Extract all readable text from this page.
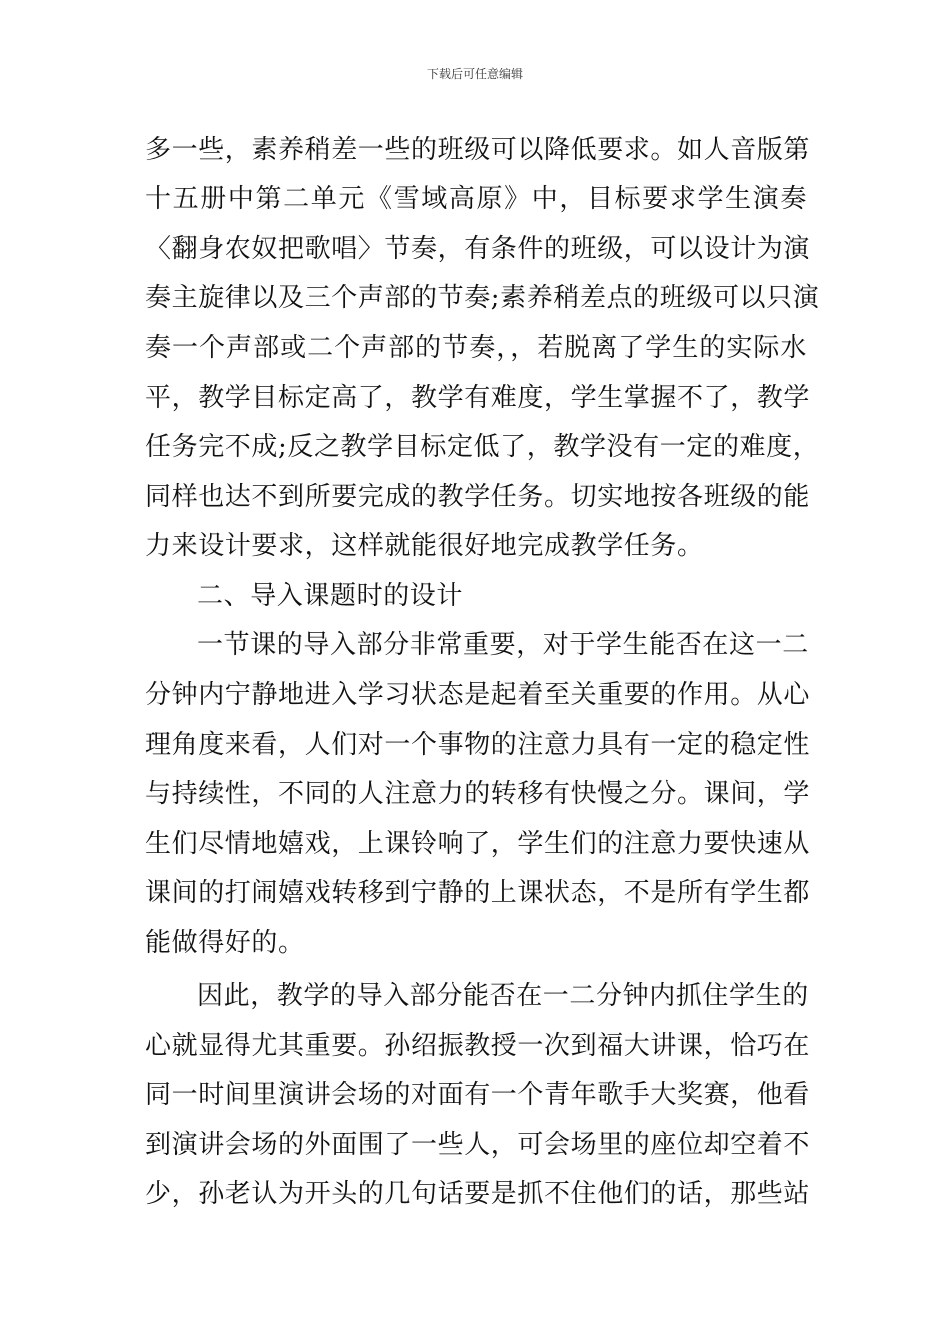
下载后可任意编辑
多一些，素养稍差一些的班级可以降低要求。如人音版第
十五册中第二单元《雪域高原》中，目标要求学生演奏
〈翻身农奴把歌唱〉节奏，有条件的班级，可以设计为演
奏主旋律以及三个声部的节奏;素养稍差点的班级可以只演
奏一个声部或二个声部的节奏，，若脱离了学生的实际水
平，教学目标定高了，教学有难度，学生掌握不了，教学
任务完不成;反之教学目标定低了，教学没有一定的难度，
同样也达不到所要完成的教学任务。切实地按各班级的能
力来设计要求，这样就能很好地完成教学任务。
二、导入课题时的设计
一节课的导入部分非常重要，对于学生能否在这一二
分钟内宁静地进入学习状态是起着至关重要的作用。从心
理角度来看，人们对一个事物的注意力具有一定的稳定性
与持续性，不同的人注意力的转移有快慢之分。课间，学
生们尽情地嬉戏，上课铃响了，学生们的注意力要快速从
课间的打闹嬉戏转移到宁静的上课状态，不是所有学生都
能做得好的。
因此，教学的导入部分能否在一二分钟内抓住学生的
心就显得尤其重要。孙绍振教授一次到福大讲课，恰巧在
同一时间里演讲会场的对面有一个青年歌手大奖赛，他看
到演讲会场的外面围了一些人，可会场里的座位却空着不
少，孙老认为开头的几句话要是抓不住他们的话，那些站
